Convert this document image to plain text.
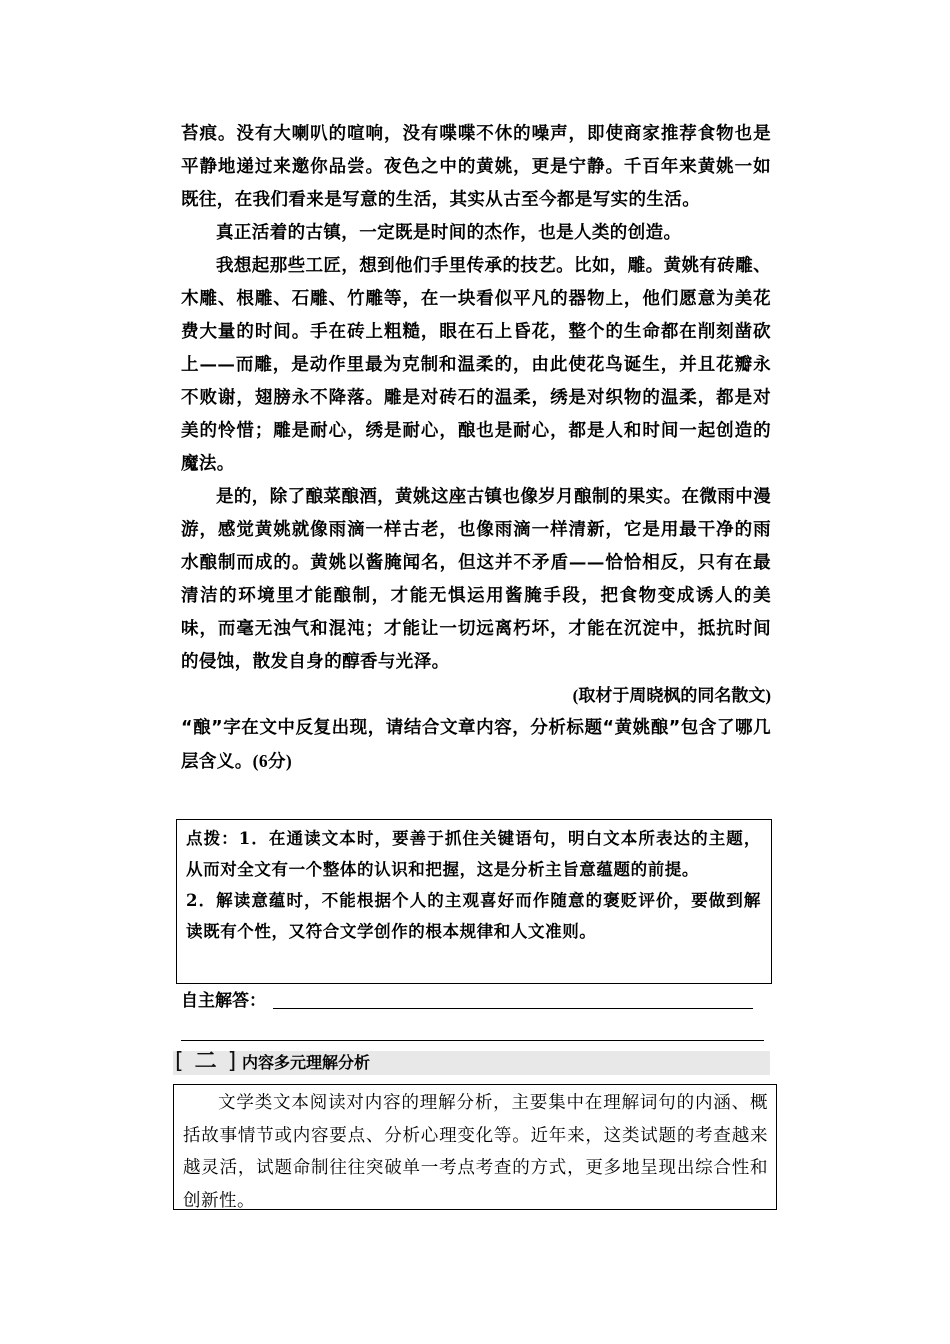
苔痕。没有大喇叭的喧响，没有喋喋不休的噪声，即使商家推荐食物也是平静地递过来邀你品尝。夜色之中的黄姚，更是宁静。千百年来黄姚一如既往，在我们看来是写意的生活，其实从古至今都是写实的生活。

真正活着的古镇，一定既是时间的杰作，也是人类的创造。

我想起那些工匠，想到他们手里传承的技艺。比如，雕。黄姚有砖雕、木雕、根雕、石雕、竹雕等，在一块看似平凡的器物上，他们愿意为美花费大量的时间。手在砖上粗糙，眼在石上昏花，整个的生命都在削刻凿砍上——而雕，是动作里最为克制和温柔的，由此使花鸟诞生，并且花瓣永不败谢，翅膀永不降落。雕是对砖石的温柔，绣是对织物的温柔，都是对美的怜惜；雕是耐心，绣是耐心，酿也是耐心，都是人和时间一起创造的魔法。

是的，除了酿菜酿酒，黄姚这座古镇也像岁月酿制的果实。在微雨中漫游，感觉黄姚就像雨滴一样古老，也像雨滴一样清新，它是用最干净的雨水酿制而成的。黄姚以酱腌闻名，但这并不矛盾——恰恰相反，只有在最清洁的环境里才能酿制，才能无惧运用酱腌手段，把食物变成诱人的美味，而毫无浊气和混沌；才能让一切远离朽坏，才能在沉淀中，抵抗时间的侵蚀，散发自身的醇香与光泽。

(取材于周晓枫的同名散文)

“酿”字在文中反复出现，请结合文章内容，分析标题“黄姚酿”包含了哪几层含义。(6分)

点拨：1．在通读文本时，要善于抓住关键语句，明白文本所表达的主题，从而对全文有一个整体的认识和把握，这是分析主旨意蕴题的前提。

2．解读意蕴时，不能根据个人的主观喜好而作随意的褒贬评价，要做到解读既有个性，又符合文学创作的根本规律和人文准则。

自主解答：
[ 二 ] 内容多元理解分析

文学类文本阅读对内容的理解分析，主要集中在理解词句的内涵、概括故事情节或内容要点、分析心理变化等。近年来，这类试题的考查越来越灵活，试题命制往往突破单一考点考查的方式，更多地呈现出综合性和创新性。
